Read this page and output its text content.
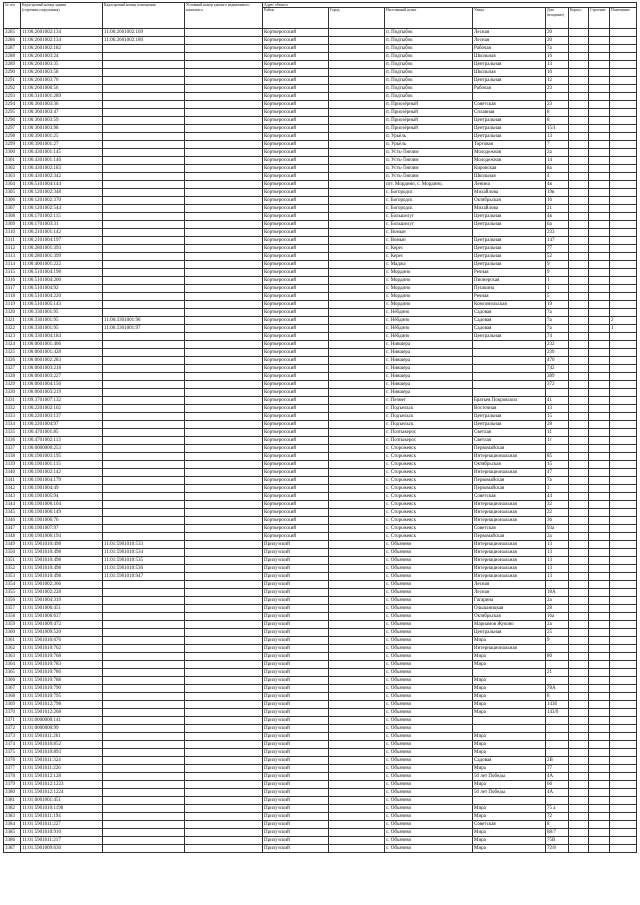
№ п/п	Кадастровый номер здания (строения,сооружения)	Кадастровый номер помещения	Условный номер единого недвижимого комплекса	Адрес объекта								
				Район	Город	Населенный пункт	Улица	Дом (владение)	Корпус	Строение	Помещение	
3285	11:06:2601002:134	11:06:2601002:169		Корткеросский		п. Подтыбок	Лесная	20				
3286	11:06:2601002:134	11:06:2601002:180		Корткеросский		п. Подтыбок	Лесная	20				
3287	11:06:2601002:182			Корткеросский		п. Подтыбок	Рабочая	7а				
3288	11:06:2601003:24			Корткеросский		п. Подтыбок	Школьная	16				
3289	11:06:2601003:35			Корткеросский		п. Подтыбок	Центральная	13				
3290	11:06:2601003:58			Корткеросский		п. Подтыбок	Школьная	10				
3291	11:06:2601003:70			Корткеросский		п. Подтыбок	Центральная	12				
3292	11:06:2601006:56			Корткеросский		п. Подтыбок	Рабочая	23				
3293	11:06:3101001:289			Корткеросский		п. Подтыбок						
3294	11:06:3601003:36			Корткеросский		п. Приозёрный	Советская	23				
3295	11:06:3601003:47			Корткеросский		п. Приозёрный	Сплавная	8				
3296	11:06:3601003:59			Корткеросский		п. Приозёрный	Центральная	8				
3297	11:06:3601003:98			Корткеросский		п. Приозёрный	Центральная	15/1				
3298	11:06:3901001:25			Корткеросский		п. Урьёль	Центральная	13				
3299	11:06:3901001:27			Корткеросский		п. Урьёль	Торговая	7				
3300	11:06:4301001:145			Корткеросский		п. Усть-Лэкчим	Молодежная	2а				
3301	11:06:4301001:146			Корткеросский		п. Усть-Лэкчим	Молодежная	14				
3302	11:06:4301002:183			Корткеросский		п. Усть-Лэкчим	Кировская	8а				
3303	11:06:4301002:342			Корткеросский		п. Усть-Лэкчим	Школьная	4				
3304	11:06:5101004:144			Корткеросский		пгт. Мордино, с. Мордино,	Ленина	4в				
3305	11:06:1201002:348			Корткеросский		с. Богородск	Михайлова	19в				
3306	11:06:1201002:370			Корткеросский		с. Богородск	Октябрьская	16				
3307	11:06:1201002:544			Корткеросский		с. Богородск	Михайлова	21				
3308	11:06:1701002:115			Корткеросский		с. Большелуг	Центральная	4в				
3309	11:06:1701003:31			Корткеросский		с. Большелуг	Центральная	6а				
3310	11:06:2101001:142			Корткеросский		с. Вомын		233				
3311	11:06:2101004:197			Корткеросский		с. Вомын	Центральная	147				
3312	11:06:2801001:393			Корткеросский		с. Керес	Центральная	77				
3313	11:06:2801001:399			Корткеросский		с. Керес	Центральная	52				
3314	11:06:4001001:222			Корткеросский		с. Маджа	Центральная	9				
3315	11:06:5101004:198			Корткеросский		с. Мордино	Речная	9				
3316	11:06:5101004:200			Корткеросский		с. Мордино	Пионерская	1				
3317	11:06:5101004:92			Корткеросский		с. Мордино	Пушкина	1				
3318	11:06:5101004:220			Корткеросский		с. Мордино	Речная	5				
3319	11:06:5101005:143			Корткеросский		с. Мордино	Комсомольская	19				
3320	11:06:3301001:95			Корткеросский		с. Нёбдино	Садовая	7а				
3321	11:06:3301001:95	11:06:3301001:96		Корткеросский		с. Нёбдино	Садовая	7а			2	
3322	11:06:3301001:95	11:06:3301001:97		Корткеросский		с. Нёбдино	Садовая	7а			1	
3323	11:06:3301004:184			Корткеросский		с. Нёбдино	Центральная	74				
3324	11:06:0601001:406			Корткеросский		с. Нившера		232				
3325	11:06:0601001:428			Корткеросский		с. Нившера		230				
3326	11:06:0601002:283			Корткеросский		с. Нившера		470				
3327	11:06:0601003:218			Корткеросский		с. Нившера		742				
3328	11:06:0601003:227			Корткеросский		с. Нившера		389				
3329	11:06:0601004:156			Корткеросский		с. Нившера		372				
3330	11:06:0601003:219			Корткеросский		с. Нившера						
3331	11:09:3701007:132			Корткеросский		с. Пезмег	Братьев Покровских	41				
3332	11:06:2201002:102			Корткеросский		с. Подъельск	Восточная	13				
3333	11:06:2201003:137			Корткеросский		с. Подъельск	Центральная	15				
3334	11:06:2201004:97			Корткеросский		с. Подъельск	Центральная	28				
3335	11:06:4701001:85			Корткеросский		с. Позтыкерос	Светлая	11				
3336	11:06:4701002:113			Корткеросский		с. Позтыкерос	Светлая	1г				
3337	11:06:0000000:253			Корткеросский		с. Сторожевск	Первомайская					
3338	11:06:1901003:195			Корткеросский		с. Сторожевск	Интернациональная	85				
3339	11:06:1901001:115			Корткеросский		с. Сторожевск	Октябрьская	15				
3340	11:06:1901002:142			Корткеросский		с. Сторожевск	Интернациональная	47				
3341	11:06:1901004:179			Корткеросский		с. Сторожевск	Первомайская	7а				
3342	11:06:1901004:49			Корткеросский		с. Сторожевск	Первомайская	3				
3343	11:06:1901005:94			Корткеросский		с. Сторожевск	Советская	44				
3344	11:06:1901006:104			Корткеросский		с. Сторожевск	Интернациональная	32				
3345	11:06:1901006:149			Корткеросский		с. Сторожевск	Интернациональная	22				
3346	11:06:1901006:76			Корткеросский		с. Сторожевск	Интернациональная	36				
3347	11:06:1901007:97			Корткеросский		с. Сторожевск	Советская	93а				
3348	11:06:1901006:194			Корткеросский		с. Сторожевск	Первомайская	2а				
3349	11:01:5901010:498	11:01:5901010:533		Прилузский		с. Объячево	Интернациональная	13				
3350	11:01:5901010:498	11:01:5901010:534		Прилузский		с. Объячево	Интернациональная	13				
3351	11:01:5901010:498	11:01:5901010:535		Прилузский		с. Объячево	Интернациональная	13				
3352	11:01:5901010:498	11:01:5901010:536		Прилузский		с. Объячево	Интернациональная	13				
3353	11:01:5901010:498	11:01:5901010:947		Прилузский		с. Объячево	Интернациональная	13				
3354	11:01:5901002:366			Прилузский		с. Объячево	Лесная					
3355	11:01:5901002:228			Прилузский		с. Объячево	Лесная	18А				
3356	11:01:5901004:319			Прилузский		с. Объячево	Гагарина	2а				
3357	11:01:5901006:451			Прилузский		с. Объячево	Ольшаницкая	28				
3358	11:01:5901006:637			Прилузский		с. Объячево	Октябрьская	16а				
3359	11:01:5901009:472			Прилузский		с. Объячево	Мариамов Жуково	2а				
3360	11:01:5901009:520			Прилузский		с. Объячево	Центральная	25				
3361	11:01:5901010:676			Прилузский		с. Объячево	Мира	9				
3362	11:01:5901010:762			Прилузский		с. Объячево	Интернациональная					
3363	11:01:5901010:768			Прилузский		с. Объячево	Мира	80				
3364	11:01:5901010:783			Прилузский		с. Объячево	Мира					
3365	11:01:5901010:786			Прилузский		с. Объячево		21				
3366	11:01:5901010:788			Прилузский		с. Объячево	Мира					
3367	11:01:5901010:790			Прилузский		с. Объячево	Мира	78А				
3368	11:01:5901010:795			Прилузский		с. Объячево	Мира	8				
3369	11:01:5901012:798			Прилузский		с. Объячево	Мира	143б				
3370	11:01:5901012:268			Прилузский		с. Объячево	Мира	143/9				
3371	11:01:0000000:141			Прилузский		с. Объячево						
3372	11:01:0000000:99			Прилузский		с. Объячево						
3373	11:01:5901011:261			Прилузский		с. Объячево	Мира					
3374	11:01:5901010:852			Прилузский		с. Объячево	Мира					
3375	11:01:5901010:893			Прилузский		с. Объячево	Мира					
3376	11:01:5901011:324			Прилузский		с. Объячево	Садовая	2В				
3377	11:01:5901011:226			Прилузский		с. Объячево	Мира	77				
3378	11:01:5901012:128			Прилузский		с. Объячево	50 лет Победы	4А				
3379	11:01:5901012:1223			Прилузский		с. Объячево	Мира	66				
3380	11:01:5901012:1224			Прилузский		с. Объячево	50 лет Победы	4А				
3381	11:01:6001001:451			Прилузский		с. Объячево						
3382	11:01:5901010:1190			Прилузский		с. Объячево	Мира	75 а				
3383	11:01:5901011:194			Прилузский		с. Объячево	Мира	72				
3384	11:01:5901011:227			Прилузский		с. Объячево	Советская	8				
3385	11:01:5901010:910			Прилузский		с. Объячево	Мира	88/7				
3386	11:01:5901011:217			Прилузский		с. Объячево	Мира	75В				
3387	11:01:5901009:630			Прилузский		с. Объячево	Мира	72/8				
